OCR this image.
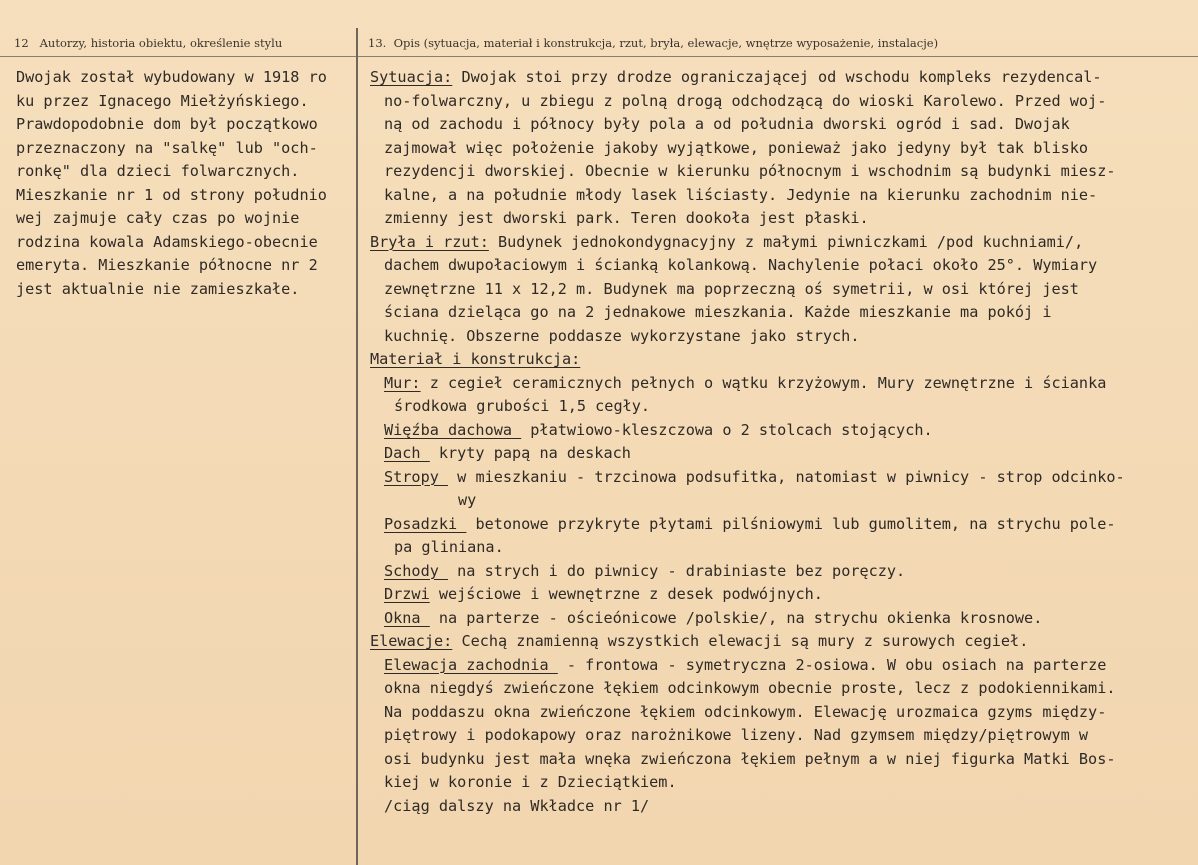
12 Autorzy, historia obiektu, określenie stylu	13. Opis (sytuacja, materiał i konstrukcja, rzut, bryła, elewacje, wnętrze wyposażenie, instalacje)
Dwojak został wybudowany w 1918 ro
ku przez Ignacego Miełżyńskiego.
Prawdopodobnie dom był początkowo
przeznaczony na "salkę" lub "och-
ronkę" dla dzieci folwarcznych.
Mieszkanie nr 1 od strony południo
wej zajmuje cały czas po wojnie
rodzina kowala Adamskiego-obecnie
emeryta. Mieszkanie północne nr 2
jest aktualnie nie zamieszkałe.
Sytuacja: Dwojak stoi przy drodze ograniczającej od wschodu kompleks rezydencal-
no-folwarczny, u zbiegu z polną drogą odchodzącą do wioski Karolewo. Przed woj-
ną od zachodu i północy były pola a od południa dworski ogród i sad. Dwojak
zajmował więc położenie jakoby wyjątkowe, ponieważ jako jedyny był tak blisko
rezydencji dworskiej. Obecnie w kierunku północnym i wschodnim są budynki miesz-
kalne, a na południe młody lasek liściasty. Jedynie na kierunku zachodnim nie-
zmienny jest dworski park. Teren dookoła jest płaski.
Bryła i rzut: Budynek jednokondygnacyjny z małymi piwniczkami /pod kuchniami/,
dachem dwupołaciowym i ścianką kolankową. Nachylenie połaci około 25°. Wymiary
zewnętrzne 11 x 12,2 m. Budynek ma poprzeczną oś symetrii, w osi której jest
ściana dzieląca go na 2 jednakowe mieszkania. Każde mieszkanie ma pokój i
kuchnię. Obszerne poddasze wykorzystane jako strych.
Materiał i konstrukcja:
Mur: z cegieł ceramicznych pełnych o wątku krzyżowym. Mury zewnętrzne i ścianka
środkowa grubości 1,5 cegły.
Więźba dachowa_ płatwiowo-kleszczowa o 2 stolcach stojących.
Dach_ kryty papą na deskach
Stropy_ w mieszkaniu - trzcinowa podsufitka, natomiast w piwnicy - strop odcinko-
wy
Posadzki_ betonowe przykryte płytami pilśniowymi lub gumolitem, na strychu pole-
pa gliniana.
Schody_ na strych i do piwnicy - drabiniaste bez poręczy.
Drzwi wejściowe i wewnętrzne z desek podwójnych.
Okna_ na parterze - ościeónicowe /polskie/, na strychu okienka krosnowe.
Elewacje: Cechą znamienną wszystkich elewacji są mury z surowych cegieł.
Elewacja zachodnia_ - frontowa - symetryczna 2-osiowa. W obu osiach na parterze
okna niegdyś zwieńczone łękiem odcinkowym obecnie proste, lecz z podokiennikami.
Na poddaszu okna zwieńczone łękiem odcinkowym. Elewację urozmaica gzyms między-
piętrowy i podokapowy oraz narożnikowe lizeny. Nad gzymsem między/piętrowym w
osi budynku jest mała wnęka zwieńczona łękiem pełnym a w niej figurka Matki Bos-
kiej w koronie i z Dzieciątkiem.
/ciąg dalszy na Wkładce nr 1/
